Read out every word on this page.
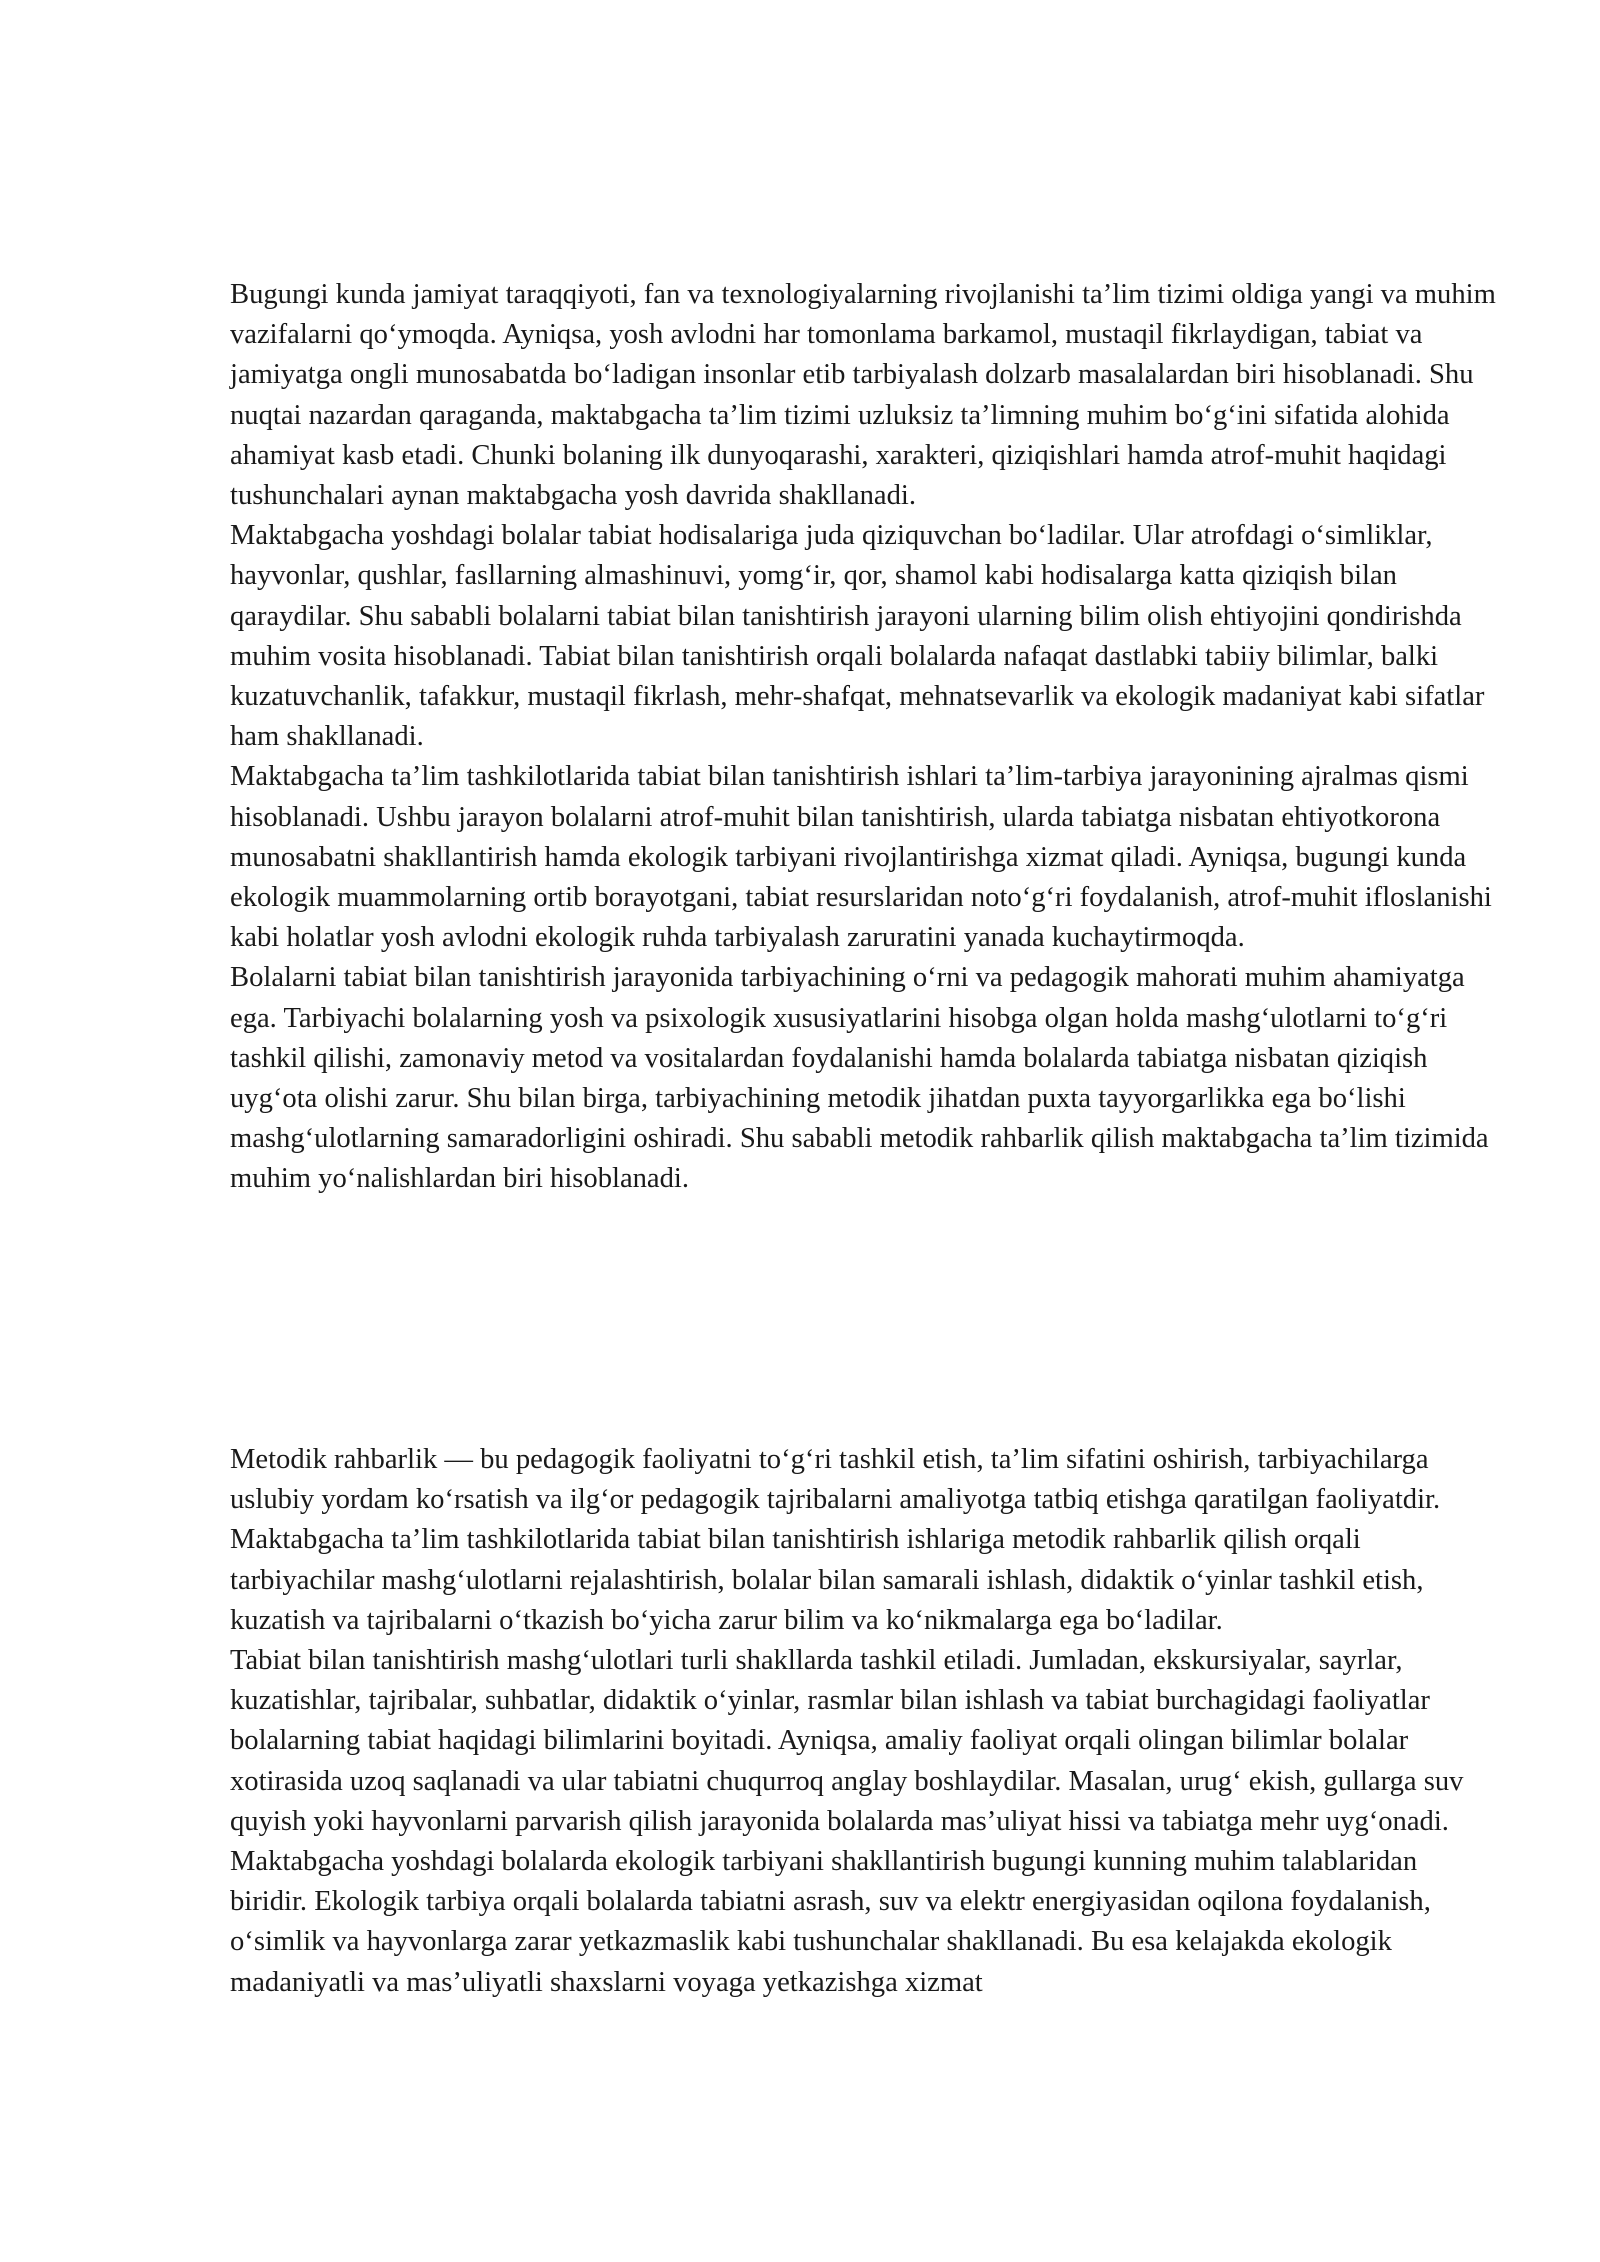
Bugungi kunda jamiyat taraqqiyoti, fan va texnologiyalarning rivojlanishi ta’lim tizimi oldiga yangi va muhim vazifalarni qo‘ymoqda. Ayniqsa, yosh avlodni har tomonlama barkamol, mustaqil fikrlaydigan, tabiat va jamiyatga ongli munosabatda bo‘ladigan insonlar etib tarbiyalash dolzarb masalalardan biri hisoblanadi. Shu nuqtai nazardan qaraganda, maktabgacha ta’lim tizimi uzluksiz ta’limning muhim bo‘g‘ini sifatida alohida ahamiyat kasb etadi. Chunki bolaning ilk dunyoqarashi, xarakteri, qiziqishlari hamda atrof-muhit haqidagi tushunchalari aynan maktabgacha yosh davrida shakllanadi.

Maktabgacha yoshdagi bolalar tabiat hodisalariga juda qiziquvchan bo‘ladilar. Ular atrofdagi o‘simliklar, hayvonlar, qushlar, fasllarning almashinuvi, yomg‘ir, qor, shamol kabi hodisalarga katta qiziqish bilan qaraydilar. Shu sababli bolalarni tabiat bilan tanishtirish jarayoni ularning bilim olish ehtiyojini qondirishda muhim vosita hisoblanadi. Tabiat bilan tanishtirish orqali bolalarda nafaqat dastlabki tabiiy bilimlar, balki kuzatuvchanlik, tafakkur, mustaqil fikrlash, mehr-shafqat, mehnatsevarlik va ekologik madaniyat kabi sifatlar ham shakllanadi.

Maktabgacha ta’lim tashkilotlarida tabiat bilan tanishtirish ishlari ta’lim-tarbiya jarayonining ajralmas qismi hisoblanadi. Ushbu jarayon bolalarni atrof-muhit bilan tanishtirish, ularda tabiatga nisbatan ehtiyotkorona munosabatni shakllantirish hamda ekologik tarbiyani rivojlantirishga xizmat qiladi. Ayniqsa, bugungi kunda ekologik muammolarning ortib borayotgani, tabiat resurslaridan noto‘g‘ri foydalanish, atrof-muhit ifloslanishi kabi holatlar yosh avlodni ekologik ruhda tarbiyalash zaruratini yanada kuchaytirmoqda.

Bolalarni tabiat bilan tanishtirish jarayonida tarbiyachining o‘rni va pedagogik mahorati muhim ahamiyatga ega. Tarbiyachi bolalarning yosh va psixologik xususiyatlarini hisobga olgan holda mashg‘ulotlarni to‘g‘ri tashkil qilishi, zamonaviy metod va vositalardan foydalanishi hamda bolalarda tabiatga nisbatan qiziqish uyg‘ota olishi zarur. Shu bilan birga, tarbiyachining metodik jihatdan puxta tayyorgarlikka ega bo‘lishi mashg‘ulotlarning samaradorligini oshiradi. Shu sababli metodik rahbarlik qilish maktabgacha ta’lim tizimida muhim yo‘nalishlardan biri hisoblanadi.

Metodik rahbarlik — bu pedagogik faoliyatni to‘g‘ri tashkil etish, ta’lim sifatini oshirish, tarbiyachilarga uslubiy yordam ko‘rsatish va ilg‘or pedagogik tajribalarni amaliyotga tatbiq etishga qaratilgan faoliyatdir. Maktabgacha ta’lim tashkilotlarida tabiat bilan tanishtirish ishlariga metodik rahbarlik qilish orqali tarbiyachilar mashg‘ulotlarni rejalashtirish, bolalar bilan samarali ishlash, didaktik o‘yinlar tashkil etish, kuzatish va tajribalarni o‘tkazish bo‘yicha zarur bilim va ko‘nikmalarga ega bo‘ladilar.

Tabiat bilan tanishtirish mashg‘ulotlari turli shakllarda tashkil etiladi. Jumladan, ekskursiyalar, sayrlar, kuzatishlar, tajribalar, suhbatlar, didaktik o‘yinlar, rasmlar bilan ishlash va tabiat burchagidagi faoliyatlar bolalarning tabiat haqidagi bilimlarini boyitadi. Ayniqsa, amaliy faoliyat orqali olingan bilimlar bolalar xotirasida uzoq saqlanadi va ular tabiatni chuqurroq anglay boshlaydilar. Masalan, urug‘ ekish, gullarga suv quyish yoki hayvonlarni parvarish qilish jarayonida bolalarda mas’uliyat hissi va tabiatga mehr uyg‘onadi.

Maktabgacha yoshdagi bolalarda ekologik tarbiyani shakllantirish bugungi kunning muhim talablaridan biridir. Ekologik tarbiya orqali bolalarda tabiatni asrash, suv va elektr energiyasidan oqilona foydalanish, o‘simlik va hayvonlarga zarar yetkazmaslik kabi tushunchalar shakllanadi. Bu esa kelajakda ekologik madaniyatli va mas’uliyatli shaxslarni voyaga yetkazishga xizmat
